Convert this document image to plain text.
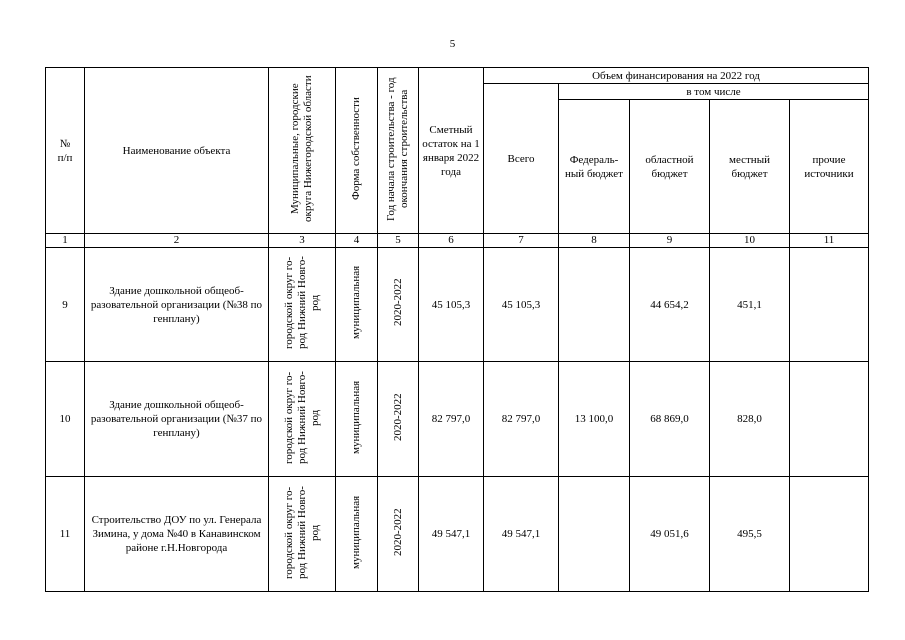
5
№
п/п	Наименование объекта	Муниципальные, городские округа Нижегородской области	Форма собственности	Год начала строительства - год окончания строительства	Сметный остаток на 1 января 2022 года	Объем финансирования на 2022 год				
						Всего	в том числе			
							Федераль-ный бюджет	областной бюджет	местный бюджет	прочие источники
1	2	3	4	5	6	7	8	9	10	11
9	Здание дошкольной общеоб-разовательной организации (№38 по генплану)	городской округ го-род Нижний Новго-род	муниципальная	2020-2022	45 105,3	45 105,3		44 654,2	451,1	
10	Здание дошкольной общеоб-разовательной организации (№37 по генплану)	городской округ го-род Нижний Новго-род	муниципальная	2020-2022	82 797,0	82 797,0	13 100,0	68 869,0	828,0	
11	Строительство ДОУ по ул. Генерала Зимина, у дома №40 в Канавинском районе г.Н.Новгорода	городской округ го-род Нижний Новго-род	муниципальная	2020-2022	49 547,1	49 547,1		49 051,6	495,5	
